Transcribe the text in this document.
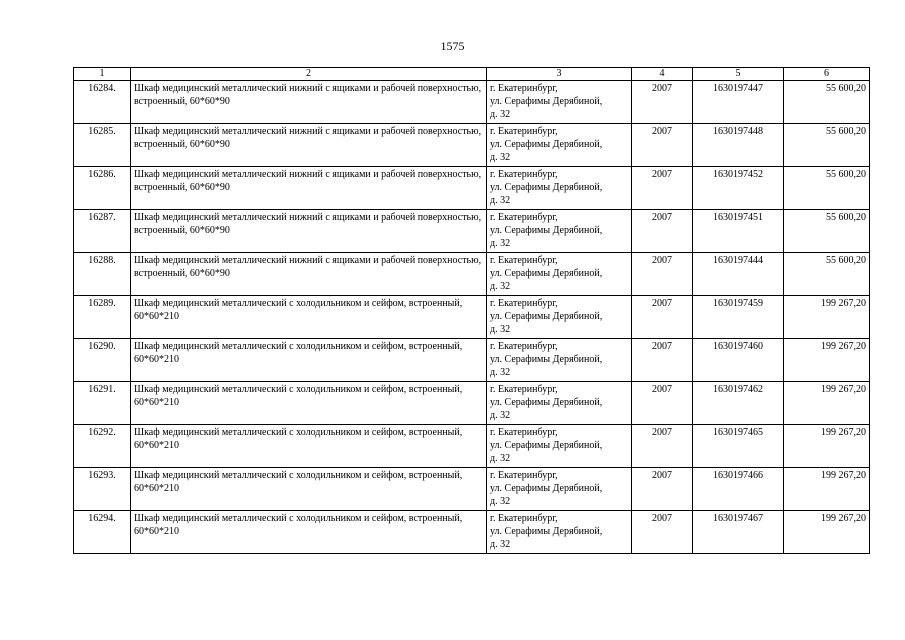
1575
1	2	3	4	5	6
16284.	Шкаф медицинский металлический нижний с ящиками и рабочей поверхностью, встроенный, 60*60*90	г. Екатеринбург,
ул. Серафимы Дерябиной,
д. 32	2007	1630197447	55 600,20
16285.	Шкаф медицинский металлический нижний с ящиками и рабочей поверхностью, встроенный, 60*60*90	г. Екатеринбург,
ул. Серафимы Дерябиной,
д. 32	2007	1630197448	55 600,20
16286.	Шкаф медицинский металлический нижний с ящиками и рабочей поверхностью, встроенный, 60*60*90	г. Екатеринбург,
ул. Серафимы Дерябиной,
д. 32	2007	1630197452	55 600,20
16287.	Шкаф медицинский металлический нижний с ящиками и рабочей поверхностью, встроенный, 60*60*90	г. Екатеринбург,
ул. Серафимы Дерябиной,
д. 32	2007	1630197451	55 600,20
16288.	Шкаф медицинский металлический нижний с ящиками и рабочей поверхностью, встроенный, 60*60*90	г. Екатеринбург,
ул. Серафимы Дерябиной,
д. 32	2007	1630197444	55 600,20
16289.	Шкаф медицинский металлический с холодильником и сейфом, встроенный, 60*60*210	г. Екатеринбург,
ул. Серафимы Дерябиной,
д. 32	2007	1630197459	199 267,20
16290.	Шкаф медицинский металлический с холодильником и сейфом, встроенный, 60*60*210	г. Екатеринбург,
ул. Серафимы Дерябиной,
д. 32	2007	1630197460	199 267,20
16291.	Шкаф медицинский металлический с холодильником и сейфом, встроенный, 60*60*210	г. Екатеринбург,
ул. Серафимы Дерябиной,
д. 32	2007	1630197462	199 267,20
16292.	Шкаф медицинский металлический с холодильником и сейфом, встроенный, 60*60*210	г. Екатеринбург,
ул. Серафимы Дерябиной,
д. 32	2007	1630197465	199 267,20
16293.	Шкаф медицинский металлический с холодильником и сейфом, встроенный, 60*60*210	г. Екатеринбург,
ул. Серафимы Дерябиной,
д. 32	2007	1630197466	199 267,20
16294.	Шкаф медицинский металлический с холодильником и сейфом, встроенный, 60*60*210	г. Екатеринбург,
ул. Серафимы Дерябиной,
д. 32	2007	1630197467	199 267,20
